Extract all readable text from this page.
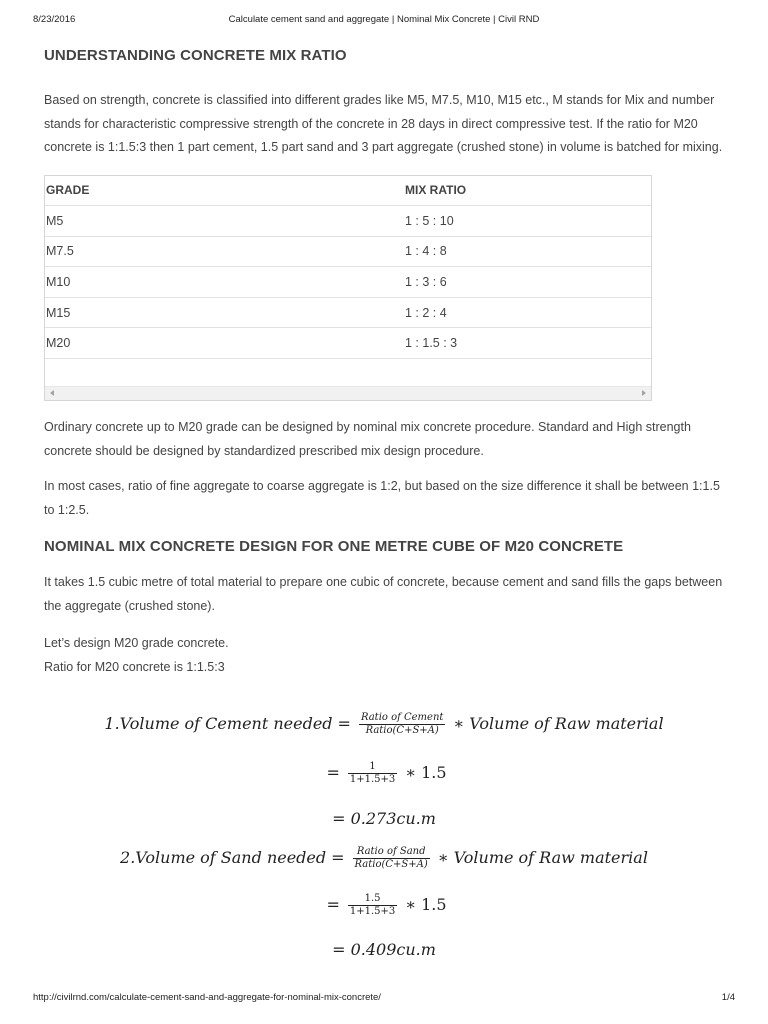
8/23/2016	Calculate cement sand and aggregate | Nominal Mix Concrete | Civil RND
UNDERSTANDING CONCRETE MIX RATIO

Based on strength, concrete is classified into different grades like M5, M7.5, M10, M15 etc., M stands for Mix and number stands for characteristic compressive strength of the concrete in 28 days in direct compressive test. If the ratio for M20 concrete is 1:1.5:3 then 1 part cement, 1.5 part sand and 3 part aggregate (crushed stone) in volume is batched for mixing.

GRADE	MIX RATIO
M5	1 : 5 : 10
M7.5	1 : 4 : 8
M10	1 : 3 : 6
M15	1 : 2 : 4
M20	1 : 1.5 : 3

Ordinary concrete up to M20 grade can be designed by nominal mix concrete procedure. Standard and High strength concrete should be designed by standardized prescribed mix design procedure.

In most cases, ratio of fine aggregate to coarse aggregate is 1:2, but based on the size difference it shall be between 1:1.5 to 1:2.5.

NOMINAL MIX CONCRETE DESIGN FOR ONE METRE CUBE OF M20 CONCRETE

It takes 1.5 cubic metre of total material to prepare one cubic of concrete, because cement and sand fills the gaps between the aggregate (crushed stone).

Let’s design M20 grade concrete.

Ratio for M20 concrete is 1:1.5:3

1.Volume of Cement needed = $\frac{\text{Ratio of Cement}}{\text{Ratio(C+S+A)}}$ ∗ Volume of Raw material
= $\frac{1}{1+1.5+3}$ ∗ 1.5
= 0.273cu.m
2.Volume of Sand needed = $\frac{\text{Ratio of Sand}}{\text{Ratio(C+S+A)}}$ ∗ Volume of Raw material
= $\frac{1.5}{1+1.5+3}$ ∗ 1.5
= 0.409cu.m
http://civilrnd.com/calculate-cement-sand-and-aggregate-for-nominal-mix-concrete/	1/4
